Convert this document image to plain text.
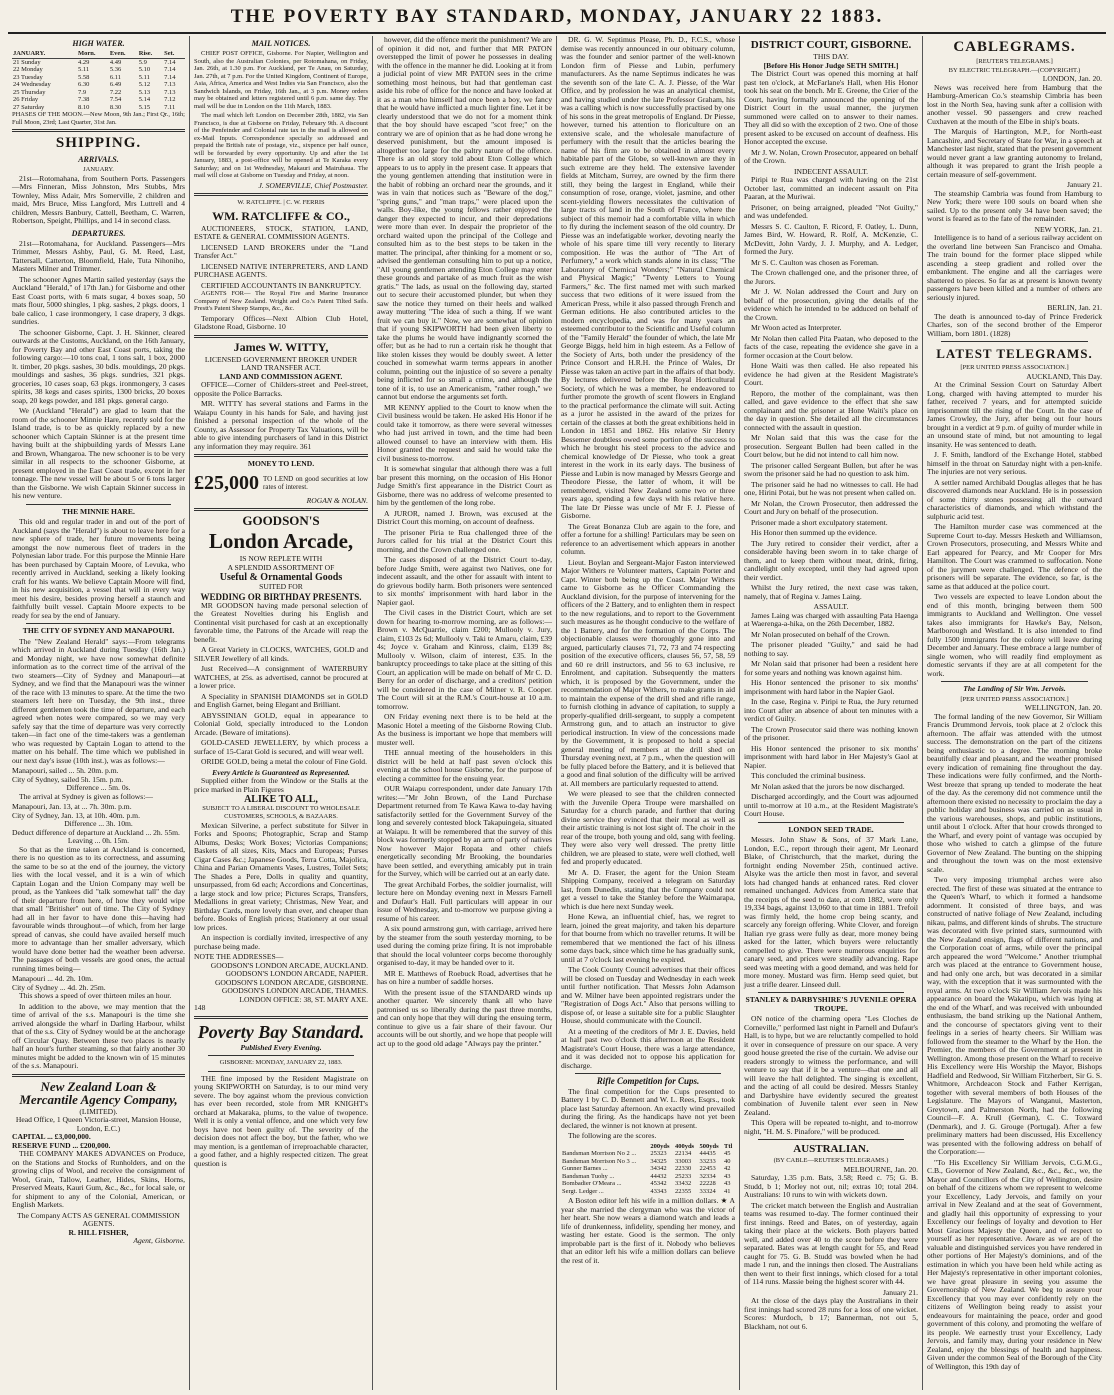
THE POVERTY BAY STANDARD, MONDAY, JANUARY 22 1883.
HIGH WATER.
JANUARY.	Morn.	Even.	Rise.	Set.
21 Sunday	4.29	4.49	5.9	7.14
22 Monday	5.11	5.36	5.10	7.14
23 Tuesday	5.58	6.11	5.11	7.14
24 Wednesday	6.30	6.49	5.12	7.13
25 Thursday	7.9	7.22	5.13	7.13
26 Friday	7.38	7.54	5.14	7.12
27 Saturday	8.10	8.30	5.15	7.11

PHASES OF THE MOON.—New Moon, 9th Jan.; First Qr., 16th; Full Moon, 23rd; Last Quarter, 31st Jan.

SHIPPING.
ARRIVALS.
JANUARY.

21st—Rotomahana, from Southern Ports. Passengers—Mrs Finneran, Miss Johnston, Mrs Stubbs, Mrs Townley, Miss Adair, Mrs Somerville, 2 children and maid, Mrs Bruce, Miss Langford, Mrs Luttrell and 4 children, Messrs Banbury, Cattell, Beetham, C. Warren, Robertson, Speight, Phillips, and 14 in second class.

DEPARTURES.

21st—Rotomahana, for Auckland. Passengers—Mrs Trimmer, Messrs Ashby, Paul, G. M. Reed, Last, Tattersall, Catterton, Bloomfield, Hale, Tuta Nihoniho, Masters Milner and Trimmer.

The schooner Agnes Martin sailed yesterday (says the Auckland "Herald," of 17th Jan.) for Gisborne and other East Coast ports, with 6 mats sugar, 4 boxes soap, 50 mats flour, 5000 shingles, 1 pkg. sashes, 2 pkgs. doors, 1 bale calico, 1 case ironmongery, 1 case drapery, 3 dkgs. sundries.

The schooner Gisborne, Capt. J. H. Skinner, cleared outwards at the Customs, Auckland, on the 16th January, for Poverty Bay and other East Coast ports, taking the following cargo:—10 tons coal, 1 tons salt, 1 box, 2000 lt. timber, 20 pkgs. sashes, 30 bdls. mouldings, 20 pkgs. mouldings and sashes, 36 pkgs. sundries, 321 pkgs. groceries, 10 cases soap, 63 pkgs. ironmongery, 3 cases spirits, 38 kegs and cases spirits, 1300 bricks, 20 boxes soap, 20 kegs powder, and 181 pkgs. general cargo.

We (Auckland "Herald") are glad to learn that the room of the schooner Minnie Hare, recently sold for the Island trade, is to be as quickly replaced by a new schooner which Captain Skinner is at the present time having built at the shipbuilding yards of Messrs Lane and Brown, Whangaroa. The new schooner is to be very similar in all respects to the schooner Gisborne, at present employed in the East Coast trade, except in her tonnage. The new vessel will be about 5 or 6 tons larger than the Gisborne. We wish Captain Skinner success in his new venture.

THE MINNIE HARE.

This old and regular trader in and out of the port of Auckland (says the "Herald") is about to leave here for a new sphere of trade, her future movements being amongst the now numerous fleet of traders in the Polynesian labor trade. For this purpose the Minnie Hare has been purchased by Captain Moore, of Levuka, who recently arrived in Auckland, seeking a likely looking craft for his wants. We believe Captain Moore will find, in his new acquisition, a vessel that will in every way meet his desire, besides proving herself a staunch and faithfully built vessel. Captain Moore expects to be ready for sea by the end of January.

THE CITY OF SYDNEY AND MANAPOURI.

The "New Zealand Herald" says:—From telegrams which arrived in Auckland during Tuesday (16th Jan.) and Monday night, we have now somewhat definite information as to the correct time of the arrival of the two steamers—City of Sydney and Manapouri—at Sydney, and we find that the Manapouri was the winner of the race with 13 minutes to spare. At the time the two steamers left here on Tuesday, the 9th inst., three different gentlemen took the time of departure, and each agreed when notes were compared, so we may very safely say that the time of departure was very correctly taken—in fact one of the time-takers was a gentleman who was requested by Captain Logan to attend to the matter on his behalf. The time which we published in our next day's issue (10th inst.), was as follows:—

Manapouri, sailed ... 5h. 20m. p.m.
City of Sydney, sailed 5h. 15m. p.m.
Difference ... 5m. 0s.

The arrival at Sydney is given as follows:—

Manapouri, Jan. 13, at ... 7h. 30m. p.m.
City of Sydney, Jan. 13, at 10h. 40m. p.m.
Difference ... 3h. 10m.
Deduct difference of departure at Auckland ... 2h. 55m.
Leaving ... 0h. 15m.

So that as the time taken at Auckland is concerned, there is no question as to its correctness, and assuming the same to be so at the end of the journey, the victory lies with the local vessel, and it is a win of which Captain Logan and the Union Company may well be proud, as the Yankees did "talk somewhat tall" the day of their departure from here, of how they would wipe that small "Britisher" out of time. The City of Sydney had all in her favor to have done this—having had favourable winds throughout—of which, from her large spread of canvas, she could have availed herself much more to advantage than her smaller adversary, which would have done better had the weather been adverse. The passages of both vessels are good ones, the actual running times being—

Manapouri ... 4d. 2h. 10m.
City of Sydney ... 4d. 2h. 25m.

This shows a speed of over thirteen miles an hour.

In addition to the above, we may mention that the time of arrival of the s.s. Manapouri is the time she arrived alongside the wharf in Darling Harbour, whilst that of the s.s. City of Sydney would be at the anchorage off Circular Quay. Between these two places is nearly half an hour's further steaming, so that fairly another 30 minutes might be added to the known win of 15 minutes of the s.s. Manapouri.

New Zealand Loan & Mercantile Agency Company,
(LIMITED).
Head Office, 1 Queen Victoria-street, Mansion House, London, E.C.)
CAPITAL ... £3,000,000.
RESERVE FUND ... £200,000.

THE COMPANY MAKES ADVANCES on Produce, on the Stations and Stocks of Runholders, and on the growing clips of Wool, and receive the consignment of Wool, Grain, Tallow, Leather, Hides, Skins, Horns, Preserved Meats, Kauri Gum, &c., &c., for local sale, or for shipment to any of the Colonial, American, or English Markets.

The Company ACTS AS GENERAL COMMISSION AGENTS.
R. HILL FISHER,
Agent, Gisborne.
MAIL NOTICES.

CHIEF POST OFFICE, Gisborne. For Napier, Wellington and South, also the Australian Colonies, per Rotomahana, on Friday, Jan. 26th, at 1.30 p.m. For Auckland, per Te Anau, on Saturday, Jan. 27th, at 7 p.m. For the United Kingdom, Continent of Europe, Asia, Africa, America and West Indies via San Francisco, also the Sandwich Islands, on Friday, 16th Jan., at 3 p.m. Money orders may be obtained and letters registered until 6 p.m. same day. The mail will be due in London on the 11th March, 1883.

The mail which left London on December 28th, 1882, via San Francisco, is due at Gisborne on Friday, February 9th. A discount of the Penfeinder and Colonial rate tax in the mail is allowed on ex-Mail Inputs. Correspondence specially so addressed and prepaid the British rate of postage, viz., sixpence per half ounce, will be forwarded by every opportunity. Up and after the 1st January, 1883, a post-office will be opened at Te Karaka every Saturday; and on 1st Wednesday, Makauri and Mairuhaua. The mail will close at Gisborne on Tuesday and Friday, at noon.

J. SOMERVILLE, Chief Postmaster.
W. RATCLIFFE. | C. W. FERRIS
WM. RATCLIFFE & CO.,

AUCTIONEERS, STOCK, STATION, LAND, ESTATE & GENERAL COMMISSION AGENTS.

LICENSED LAND BROKERS under the "Land Transfer Act."

LICENSED NATIVE INTERPRETERS, AND LAND PURCHASE AGENTS.

CERTIFIED ACCOUNTANTS IN BANKRUPTCY.

AGENTS FOR— The Royal Fire and Marine Insurance Company of New Zealand. Wright and Co.'s Patent Tilted Sails. Prestt's Patent Sheep Stamps, &c., &c.

Temporary Offices—Next Albion Club Hotel, Gladstone Road, Gisborne. 10

James W. WITTY,
LICENSED GOVERNMENT BROKER UNDER LAND TRANSFER ACT.
LAND AND COMMISSION AGENT.

OFFICE—Corner of Childers-street and Peel-street, opposite the Police Barracks.

MR. WITTY has several stations and Farms in the Waiapu County in his hands for Sale, and having just finished a personal inspection of the whole of the County, as Assessor for Property Tax Valuations, will be able to give intending purchasers of land in this District any information they may require. 361

MONEY TO LEND.
£25,000 TO LEND on good securities at low rates of interest.
ROGAN & NOLAN.
GOODSON'S
London Arcade,
IS NOW REPLETE WITH
A SPLENDID ASSORTMENT OF
Useful & Ornamental Goods
SUITED FOR
WEDDING OR BIRTHDAY PRESENTS.

MR GOODSON having made personal selection of the Greatest Novelties during his English and Continental visit purchased for cash at an exceptionally favorable time, the Patrons of the Arcade will reap the benefit.

A Great Variety in CLOCKS, WATCHES, GOLD and SILVER Jewellery of all kinds.

Just Received—A consignment of WATERBURY WATCHES, at 25s. as advertised, cannot be procured at a lower price.

A Speciality in SPANISH DIAMONDS set in GOLD and English Garnet, being Elegant and Brilliant.

ABYSSINIAN GOLD, equal in appearance to Colonial Gold, specially introduced to the London Arcade. (Beware of imitations).

GOLD-CASED JEWELLERY, by which process a surface of 15-Carat Gold is secured, and will wear well.

ORIDE GOLD, being a metal the colour of Fine Gold.

Every Article is Guaranteed as Represented.

Supplied either from the Window or the Stalls at the price marked in Plain Figures

ALIKE TO ALL,
SUBJECT TO A LIBERAL DISCOUNT TO WHOLESALE CUSTOMERS, SCHOOLS, & BAZAARS.

Mexican Silverine, a perfect substitute for Silver in Forks and Spoons; Photographic, Scrap and Stamp Albums, Desks; Work Boxes; Victorias Companions; Baskets of all sizes, Kits, Macs and Europeas; Purses Cigar Cases &c.; Japanese Goods, Terra Cotta, Majolica, China and Parian Ornaments Vases, Lustres, Toilet Sets; The Shades a Pere, Dolls in quality and quantity, unsurpassed, from 6d each; Accordions and Concertinas, a large stock and low price; Pictures Scraps, Transfers, Medallions in great variety; Christmas, New Year, and Birthday Cards, more lovely than ever, and cheaper than before. Books of English prices; Stationery at our usual low prices.

An inspection is cordially invited, irrespective of any purchase being made.

NOTE THE ADDRESSES—
GOODSON'S LONDON ARCADE, AUCKLAND.
GOODSON'S LONDON ARCADE, NAPIER.
GOODSON'S LONDON ARCADE, GISBORNE.
GOODSON'S LONDON ARCADE, THAMES.
LONDON OFFICE: 38, ST. MARY AXE.
148
Poverty Bay Standard.
Published Every Evening.
GISBORNE: MONDAY, JANUARY 22, 1883.

THE fine imposed by the Resident Magistrate on young SKIPWORTH on Saturday, is to our mind very severe. The boy against whom the previous conviction has ever been recorded, stole from MR KNIGHT's orchard at Makaraka, plums, to the value of twopence. Well it is only a venial offence, and one which very few boys have not been guilty of. The severity of the decision does not affect the boy, but the father, who we may mention, is a gentleman of irreproachable character, a good father, and a highly respected citizen. The great question is

however, did the offence merit the punishment? We are of opinion it did not, and further that MR PATON overstepped the limit of power he possesses in dealing with the offence in the manner he did. Looking at it from a judicial point of view MR PATON sees in the crime something most heinous, but had that gentleman cast aside his robe of office for the nonce and have looked at it as a man who himself had once been a boy, we fancy that he would have inflicted a much lighter fine. Let it be clearly understood that we do not for a moment think that the boy should have escaped "scot free;" on the contrary we are of opinion that as he had done wrong he deserved punishment, but the amount imposed is altogether too large for the paltry nature of the offence. There is an old story told about Eton College which appears to us to apply in the present case. It appears that the young gentlemen attending that institution were in the habit of robbing an orchard near the grounds, and it was in vain that notices such as "Beware of the dog," "spring guns," and "man traps," were placed upon the walls. Boy-like, the young fellows rather enjoyed the danger they expected to incur, and their depredations were more than ever. In despair the proprietor of the orchard waited upon the principal of the College and consulted him as to the best steps to be taken in the matter. The principal, after thinking for a moment or so, advised the gentleman consulting him to put up a notice, "All young gentlemen attending Eton College may enter these grounds and partake of as much fruit as the wish gratis." The lads, as usual on the following day, started out to secure their accustomed plunder, but when they saw the notice they turned on their heels and walked away muttering "The idea of such a thing. If we want fruit we can buy it." Now, we are somewhat of opinion that if young SKIPWORTH had been given liberty to take the plums he would have indignantly scorned the offer; but as he had to run a certain risk he thought that like stolen kisses they would be doubly sweet. A letter couched in somewhat warm terms appears in another column, pointing out the injustice of so severe a penalty being inflicted for so small a crime, and although the tone of it is, to use an Americanism, "rather rough," we cannot but endorse the arguments set forth.

MR KENNY applied to the Court to know when the Civil business would be taken. He asked His Honor if he could take it tomorrow, as there were several witnesses who had just arrived in town, and the time had been allowed counsel to have an interview with them. His Honor granted the request and said he would take the civil business to-morrow.

It is somewhat singular that although there was a full bar present this morning, on the occasion of His Honor Judge Smith's first appearance in the District Court as Gisborne, there was no address of welcome presented to him by the gentlemen of the long robe.

A JUROR, named J. Brown, was excused at the District Court this morning, on account of deafness.

The prisoner Piria te Rua challenged three of the Jurors called for his trial at the District Court this morning, and the Crown challenged one.

The cases disposed of at the District Court to-day, before Judge Smith, were against two Natives, one for indecent assault, and the other for assault with intent to do grievous bodily harm. Both prisoners were sentenced to six months' imprisonment with hard labor in the Napier gaol.

The Civil cases in the District Court, which are set down for hearing to-morrow morning, are as follows:—Brown v. McQuarrie, claim £200; Mullooly v. Jury, claim, £103 2s 6d; Mullooly v. Taki te Amaru, claim, £39 4s; Joyce v. Graham and Kinross, claim, £139 8s; Mullooly v. Wilson, claim of interest, £35. In the bankruptcy proceedings to take place at the sitting of this Court, an application will be made on behalf of Mr C. D. Berry for an order of discharge, and a creditors' petition will be considered in the case of Milner v. R. Cooper. The Court will sit at the R.M.'s Court-house at 10 a.m. tomorrow.

ON Friday evening next there is to be held at the Masonic Hotel a meeting of the Gisborne Rowing Club. As the business is important we hope that members will muster well.

THE annual meeting of the householders in this district will be held at half past seven o'clock this evening at the school house Gisborne, for the purpose of electing a committee for the ensuing year.

OUR Waiapu correspondent, under date January 17th writes:—"Mr John Brown, of the Land Purchase Department returned from Te Kawa Kawa to-day having satisfactorily settled for the Government Survey of the long and severely contested block Takapuingeia, situated at Waiapu. It will be remembered that the survey of this block was formerly stopped by an arm of party of natives Now however Major Ropata and other chiefs energetically seconding Mr Brooking, the boundaries have been settled, and everything amicably put in train for the Survey, which will be carried out at an early date.

The great Archibald Forbes, the soldier journalist, will lecture here on Monday evening next in Messrs Farnell and Dufaur's Hall. Full particulars will appear in our issue of Wednesday, and to-morrow we purpose giving a resume of his career.

A six pound armstrong gun, with carriage, arrived here by the steamer from the south yesterday morning, to be used during the coming prize firing. It is not improbable that should the local volunteer corps become thoroughly organised to-day, it may be handed over to it.

MR E. Matthews of Roebuck Road, advertises that he has on hire a number of saddle horses.

With the present issue of the STANDARD winds up another quarter. We sincerely thank all who have patronised us so liberally during the past three months, and can only hope that they will during the ensuing term, continue to give us a fair share of their favour. Our accounts will be out shortly, and we hope that people will act up to the good old adage "Always pay the printer."

DR. G. W. Septimus Please, Ph. D., F.C.S., whose demise was recently announced in our obituary column, was the founder and senior partner of the well-known London firm of Piesse and Lubin, perfumery manufacturers. As the name Septimus indicates he was the seventh son of the late C. A. J. Piesse, of the War Office, and by profession he was an analytical chemist, and having studied under the late Professor Graham, his was a calling which is now successfully practised by one of his sons in the great metropolis of England. Dr Piesse, however, turned his attention to floriculture on an extensive scale, and the wholesale manufacture of perfumery with the result that the articles bearing the name of his firm are to be obtained in almost every habitable part of the Globe, so well-known are they in such extreme are they held. The extensive lavender fields at Mitcham, Surrey, are owned by the firm there still, they being the largest in England, while their consumption of rose, orange, violet, jasmine, and other scent-yielding flowers necessitates the cultivation of large tracts of land in the South of France, where the subject of this memoir had a comfortable villa in which to fly during the inclement season of the old country. Dr Piesse was an indefatigable worker, devoting nearly the whole of his spare time till very recently to literary composition. He was the author of "The Art of Perfumery," a work which stands alone in its class; "The Laboratory of Chemical Wonders;" "Natural Chemical and Physical Magic;" "Twenty Letters to Young Farmers," &c. The first named met with such marked success that two editions of it were issued from the American Press, while it also passed through French and German editions. He also contributed articles to the modern encyclopedia, and was for many years an esteemed contributor to the Scientific and Useful column of the "Family Herald" the founder of which, the late Mr George Biggs, held him in high esteem. As a Fellow of the Society of Arts, both under the presidency of the Prince Consort and H.R.H. the Prince of Wales, Dr Piesse was taken an active part in the affairs of that body. By lectures delivered before the Royal Horticultural Society, of which he was a member, he endeavored to further promote the growth of scent flowers in England to the practical performance the climate will suit. Acting as a juror he assisted in the award of the prizes for certain of the classes at both the great exhibitions held in London in 1851 and 1862. His relative Sir Henry Bessemer doubtless owed some portion of the success to which he brought his steel process to the advice and chemical knowledge of Dr Piesse, who took a great interest in the work in its early days. The business of Piesse and Lubin is now managed by Messrs George and Theodore Piesse, the latter of whom, it will be remembered, visited New Zealand some two or three years ago, spending a few days with his relative here. The late Dr Piesse was uncle of Mr F. J. Piesse of Gisborne.

The Great Bonanza Club are again to the fore, and offer a fortune for a shilling! Particulars may be seen on reference to an advertisement which appears in another column.

Lieut. Boylan and Sergeant-Major Faston interviewed Major Withers re Volunteer matters, Captain Porter and Capt. Winter both being up the Coast. Major Withers came to Gisborne as he Officer Commanding the Auckland division, for the purpose of intervening for the officers of the 2 Battery, and to enlighten them in respect to the new regulations, and to report to the Government such measures as he thought conducive to the welfare of the 1 Battery, and for the formation of the Corps. The objectionable clauses were thoroughly gone into and argued, particularly clauses 71, 72, 73 and 74 respecting position of the executive officers, clauses 56, 57, 58, 59 and 60 re drill instructors, and 56 to 63 inclusive, re Enrolment, and capitation. Subsequently the matters which, it is proposed by the Government, under the recommendation of Major Withers, to make grants in aid to maintain the expense of the drill shed and rifle range, to furnish clothing in advance of capitation, to supply a properly-qualified drill-sergeant, to supply a competent Armstrong gun, and to attach an instructor to give periodical instruction. In view of the concessions made by the Government, it is proposed to hold a special general meeting of members at the drill shed on Thursday evening next, at 7 p.m., when the question will be fully placed before the Battery, and it is believed that a good and final solution of the difficulty will be arrived at. All members are particularly requested to attend.

We were pleased to see that the children connected with the Juvenile Opera Troupe were marshalled on Saturday for a church parade, and further that during divine service they evinced that their moral as well as their artistic training is not lost sight of. The choir in the rear of the troupe, both young and old, sang with feeling. They were also very well dressed. The pretty little children, we are pleased to state, were well clothed, well fed and properly educated.

Mr A. D. Fraser, the agent for the Union Steam Shipping Company, received a telegram on Saturday last, from Dunedin, stating that the Company could not get a vessel to take the Stanley before the Waimarapa, which is due here next Sunday week.

Hone Kewa, an influential chief, has, we regret to learn, joined the great majority, and taken his departure for that bourne from which no traveller returns. It will be remembered that we mentioned the fact of his illness some days back, since which time he has gradually sunk, until at 7 o'clock last evening he expired.

The Cook County Council advertises that their offices will be closed on Tuesday and Wednesday in each week until further notification. That Messrs John Adamson and W. Milner have been appointed registrars under the "Registration of Dogs Act." Also that persons willing to dispose of, or lease a suitable site for a public Slaughter House, should communicate with the Council.

At a meeting of the creditors of Mr J. E. Davies, held at half past two o'clock this afternoon at the Resident Magistrate's Court House, there was a large attendance, and it was decided not to oppose his application for discharge.

Rifle Competition for Cups.

The final competition for the Cups presented to Battery 1 by C. D. Bennett and W. L. Rees, Esqrs., took place last Saturday afternoon. An exactly wind prevailed during the firing. As the handicaps have not yet been declared, the winner is not known at present.

The following are the scores.

	200yds	400yds	500yds	Ttl
Bandsman Morrison No 2 ...	25323	22134	44435	45
Bandsman Morrison No 3 ...	34325	33003	33233	40
Gunner Barnes ...	34342	22330	22453	42
Bandsman Tuohy ...	44432	25233	32334	43
Bombadier O'Meara ...	45342	33432	22228	43
Sergt. Ledger ...	43343	22355	33324	41

A Boston editor left his wife in a million dollars. ★ A year she married the clergyman who was the victor of her heart. She now wears a diamond watch and leads a life of drunkenness, infidelity, spending her money, and wasting her estate. Good is the sermon. The only improbable part is the first of it. Nobody who believes that an editor left his wife a million dollars can believe the rest of it.

DISTRICT COURT, GISBORNE.
THIS DAY.
[Before His Honor Judge SETH SMITH.]

The District Court was opened this morning at half past ten o'clock, at McFarlane's Hall, when His Honor took his seat on the bench. Mr E. Greene, the Crier of the Court, having formally announced the opening of the District Court in the usual manner, the jurymen summoned were called on to answer to their names. They all did so with the exception of 2 two. One of those present asked to be excused on account of deafness. His Honor accepted the excuse.

Mr J. W. Nolan, Crown Prosecutor, appeared on behalf of the Crown.

INDECENT ASSAULT.

Piripi te Rua was charged with having on the 21st October last, committed an indecent assault on Pita Paaran, at the Muriwai.

Prisoner, on being arraigned, pleaded "Not Guilty," and was undefended.

Messrs S. C. Caulton, F. Ricord, F. Oatley, L. Dunn, James Bird, W. Howard, R. Rolf, A. McKenzie, C. McDevitt, John Vardy, J. J. Murphy, and A. Ledger, formed the Jury.

Mr S. C. Caulton was chosen as Foreman.

The Crown challenged one, and the prisoner three, of the Jurors.

Mr J. W. Nolan addressed the Court and Jury on behalf of the prosecution, giving the details of the evidence which he intended to be adduced on behalf of the Crown.

Mr Woon acted as Interpreter.

Mr Nolan then called Pita Paatan, who deposed to the facts of the case, repeating the evidence she gave in a former occasion at the Court below.

Hone Waiti was then called. He also repeated his evidence he had given at the Resident Magistrate's Court.

Reporo, the mother of the complainant, was then called, and gave evidence to the effect that she saw complainant and the prisoner at Hone Waiti's place on the day in question. She detailed all the circumstances connected with the assault in question.

Mr Nolan said that this was the case for the prosecution. Sergeant Bullen had been called in the Court below, but he did not intend to call him now.

The prisoner called Sergeant Bullen, but after he was sworn the prisoner said he had no question to ask him.

The prisoner said he had no witnesses to call. He had one, Hirini Potai, but he was not present when called on.

Mr Nolan, the Crown Prosecutor, then addressed the Court and Jury on behalf of the prosecution.

Prisoner made a short exculpatory statement.

His Honor then summed up the evidence.

The Jury retired to consider their verdict, after a considerable having been sworn in to take charge of them, and to keep them without meat, drink, firing, candlelight only excepted, until they had agreed upon their verdict.

Whilst the Jury retired, the next case was taken, namely, that of Regina v. James Laing.

ASSAULT.

James Laing was charged with assaulting Pata Haenga at Waerenga-a-hika, on the 26th December, 1882.

Mr Nolan prosecuted on behalf of the Crown.

The prisoner pleaded "Guilty," and said he had nothing to say.

Mr Nolan said that prisoner had been a resident here for some years and nothing was known against him.

His Honor sentenced the prisoner to six months' imprisonment with hard labor in the Napier Gaol.

In the case, Regina v. Piripi te Rua, the Jury returned into Court after an absence of about ten minutes with a verdict of Guilty.

The Crown Prosecutor said there was nothing known of the prisoner.

His Honor sentenced the prisoner to six months' imprisonment with hard labor in Her Majesty's Gaol at Napier.

This concluded the criminal business.

Mr Nolan asked that the jurors be now discharged.

Discharged accordingly, and the Court was adjourned until to-morrow at 10 a.m., at the Resident Magistrate's Court House.

LONDON SEED TRADE.

Messrs. John Shaw & Sons, of 37 Mark Lane, London, E.C., report through their agent, Mr Leonard Blake, of Christchurch, that the market, during the fortnight ending November 25th, continued active. Alsyke was the article then most in favor, and several lots had changed hands at enhanced rates. Red clover remained unchanged. Advices from America state that the receipts of the seed to date, at com 1882, were only 19,334 bags, against 13,060 to that time in 1881. Trefoil was firmly held, the home crop being scanty, and scarcely any foreign offering. White Clover, and foreign Italian rye grass were fully as dear, more money being asked for the latter, which buyers were reluctantly compelled to give. There were numerous enquiries for canary seed, and prices were steadily advancing. Rape seed was meeting with a good demand, and was held for more money. Mustard was firm. Hemp seed quiet, but just a trifle dearer. Linseed dull.

STANLEY & DARBYSHIRE'S JUVENILE OPERA TROUPE.

ON notice of the charming opera "Les Cloches de Corneville," performed last night in Parnell and Dufaur's Hall, is to hype, but we are reluctantly compelled to hold it over in consequence of pressure on our space. A very good house greeted the rise of the curtain. We advise our readers strongly to witness the performance, and will venture to say that if it be a venture—that one and all will leave the hall delighted. The singing is excellent, and the acting of all could be desired. Messrs Stanley and Darbyshire have evidently secured the greatest combination of Juvenile talent ever seen in New Zealand.

This Opera will be repeated to-night, and to-morrow night, "H. M. S. Pinafore," will be produced.

AUSTRALIAN.
(BY CABLE—REUTER'S TELEGRAMS.)
MELBOURNE, Jan. 20.

Saturday, 1.35 p.m. Bats, 3.58; Reed c. 75; G. B. Studd, b 1; Morley not out, nil; extras 10; total 204. Australians: 10 runs to win with wickets down.

The cricket match between the English and Australian teams was resumed to-day. The former continued their first innings. Reed and Bates, on of yesterday, again taking their place at the wickets. Both players batted well, and added over 40 to the score before they were separated. Bates was at length caught for 55, and Read caught for 75. G. B. Studd was bowled when he had made 1 run, and the innings then closed. The Australians then went to their first innings, which closed for a total of 114 runs. Massie being the highest scorer with 44.

January 21.

At the close of the days play the Australians in their first innings had scored 28 runs for a loss of one wicket. Scores: Murdoch, b 17; Bannerman, not out 5, Blackham, not out 6.

CABLEGRAMS.
[REUTER'S TELEGRAMS.]
BY ELECTRIC TELEGRAPH.—(COPYRIGHT.)
LONDON, Jan. 20.

News was received here from Hamburg that the Hamburg-American Co.'s steamship Cimbria has been lost in the North Sea, having sunk after a collision with another vessel. 90 passengers and crew reached Cuxhaven at the mouth of the Elbe in ship's boats.

The Marquis of Hartington, M.P., for North-east Lancashire, and Secretary of State for War, in a speech at Manchester last night, stated that the present government would never grant a law granting autonomy to Ireland, although it was prepared to grant the Irish people a certain measure of self-government.

January 21.

The steamship Cambria was found from Hamburg to New York; there were 100 souls on board when she sailed. Up to the present only 34 have been saved; the worst is feared as to the fate of the remainder.

NEW YORK, Jan. 21.

Intelligence is to hand of a serious railway accident on the overland line between San Francisco and Omaha. The train bound for the former place slipped while ascending a steep gradient and rolled over the embankment. The engine and all the carriages were shattered to pieces. So far as at present is known twenty passengers have been killed and a number of others are seriously injured.

BERLIN, Jan. 21.

The death is announced to-day of Prince Frederick Charles, son of the second brother of the Emperor William, born 1801. (1828)

LATEST TELEGRAMS.
[PER UNITED PRESS ASSOCIATION.]
AUCKLAND, This Day.

At the Criminal Session Court on Saturday Albert Long, charged with having attempted to murder his father, received 7 years, and for attempted suicide imprisonment till the rising of the Court. In the case of James Crowley, the Jury, after being out four hours brought in a verdict at 9 p.m. of guilty of murder while in an unsound state of mind, but not amounting to legal insanity. He was sentenced to death.

J. F. Smith, landlord of the Exchange Hotel, stabbed himself in the throat on Saturday night with a pen-knife. The injuries are not very serious.

A settler named Archibald Douglas alleges that he has discovered diamonds near Auckland. He is in possession of some thirty stones possessing all the outward characteristics of diamonds, and which withstand the sulphuric acid test.

The Hamilton murder case was commenced at the Supreme Court to-day. Messrs Hesketh and Williamson, Crown Prosecutors, prosecuting, and Messrs White and Earl appeared for Pearcy, and Mr Cooper for Mrs Hamilton. The Court was crammed to suffocation. None of the jurymen were challenged. The defence of the prisoners will be separate. The evidence, so far, is the same as that adduced at the police court.

Two vessels are expected to leave London about the end of this month, bringing between them 500 immigrants to Auckland and Wellington. One vessel takes also immigrants for Hawke's Bay, Nelson, Marlborough and Westland. It is also intended to find fully 1500 immigrants for the colony will leave during December and January. These embrace a large number of single women, who will readily find employment as domestic servants if they are at all competent for the work.

The Landing of Sir Wm. Jervois.
[PER UNITED PRESS ASSOCIATION.]
WELLINGTON, Jan. 20.

The formal landing of the new Governor, Sir William Francis Drummond Jervois, took place at 2 o'clock this afternoon. The affair was attended with the utmost success. The demonstration on the part of the citizens being enthusiastic to a degree. The morning broke beautifully clear and pleasant, and the weather promised every indication of remaining fine throughout the day. These indications were fully confirmed, and the North-West breeze that sprang up tended to moderate the heat of the day. As the ceremony did not commence until the afternoon there existed no necessity to proclaim the day a public holiday and business was carried on as usual in the various warehouses, shops, and public institutions, until about 1 o'clock. After that hour crowds thronged to the Wharf, and every point of vantage was occupied by those who wished to catch a glimpse of the future Governor of New Zealand. The bunting on the shipping and throughout the town was on the most extensive scale.

Two very imposing triumphal arches were also erected. The first of these was situated at the entrance to the Queen's Wharf, to which it formed a handsome adornment. It consisted of three bays, and was constructed of native foliage of New Zealand, including nikau, palms, and different kinds of shrubs. The structure was decorated with five printed stars, surmounted with the New Zealand ensign, flags of different nations, and the Corporation coat of arms, while over the principal arch appeared the word "Welcome." Another triumphal arch was placed at the entrance to Government house, and had only one arch, but was decorated in a similar way, with the exception that it was surmounted with the royal arms. At two o'clock Sir William Jervois made his appearance on board the Wakatipu, which was lying at the end of the Wharf, and was received with unbounded enthusiasm, the band striking up the National Anthem, and the concourse of spectators giving vent to their feelings in a series of hearty cheers. Sir William was followed from the steamer to the Wharf by the Hon. the Premier, the members of the Government at present in Wellington. Among those present on the Wharf to receive His Excellency were His Worship the Mayor, Bishops Hadfield and Redwood, Sir William Fitzherbert, Sir G. S. Whitmore, Archdeacon Stock and Father Kerrigan, together with several members of both Houses of the Legislature. The Mayors of Wanganui, Masterton, Greytown, and Palmerston North, had the following Council—F. A. Krull (German), C. C. Toxward (Denmark), and J. G. Grouge (Portugal). After a few preliminary matters had been discussed, His Excellency was presented with the following address on behalf of the Corporation:—

"To His Excellency Sir William Jervois, C.G.M.G., C.B., Governor of New Zealand, &c., &c., &c., we, the Mayor and Councillors of the City of Wellington, desire on behalf of the citizens whom we represent to welcome your Excellency, Lady Jervois, and family on your arrival in New Zealand and at the seat of Government, and gladly hail this opportunity of expressing to your Excellency our feelings of loyalty and devotion to Her Most Gracious Majesty the Queen, and of respect to yourself as her representative. Aware as we are of the valuable and distinguished services you have rendered in other portions of Her Majesty's dominions, and of the estimation in which you have been held while acting as Her Majesty's representative in other important colonies, we have great pleasure in seeing you assume the Governorship of New Zealand. We beg to assure your Excellency that you may ever confidently rely on the citizens of Wellington being ready to assist your endeavours for maintaining the peace, order and good government of this colony, and promoting the welfare of its people. We earnestly trust your Excellency, Lady Jervois, and family may, during your residence in New Zealand, enjoy the blessings of health and happiness. Given under the common Seal of the Borough of the City of Wellington, this 19th day of
